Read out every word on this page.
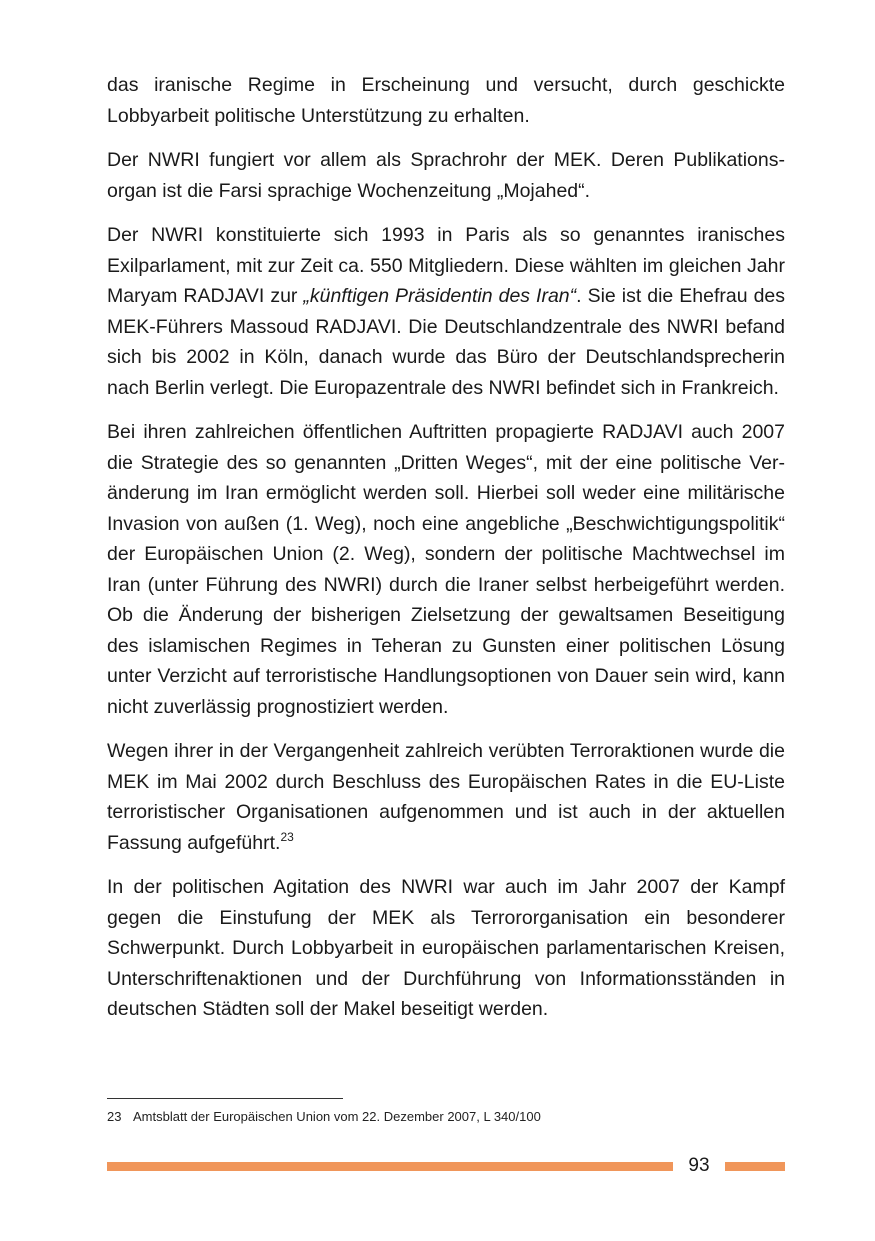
das iranische Regime in Erscheinung und versucht, durch geschickte Lobbyarbeit politische Unterstützung zu erhalten.

Der NWRI fungiert vor allem als Sprachrohr der MEK. Deren Publikationsorgan ist die Farsi sprachige Wochenzeitung „Mojahed“.

Der NWRI konstituierte sich 1993 in Paris als so genanntes iranisches Exilparlament, mit zur Zeit ca. 550 Mitgliedern. Diese wählten im gleichen Jahr Maryam RADJAVI zur „künftigen Präsidentin des Iran“. Sie ist die Ehefrau des MEK-Führers Massoud RADJAVI. Die Deutschlandzentrale des NWRI befand sich bis 2002 in Köln, danach wurde das Büro der Deutschlandsprecherin nach Berlin verlegt. Die Europazentrale des NWRI befindet sich in Frankreich.

Bei ihren zahlreichen öffentlichen Auftritten propagierte RADJAVI auch 2007 die Strategie des so genannten „Dritten Weges“, mit der eine politische Veränderung im Iran ermöglicht werden soll. Hierbei soll weder eine militärische Invasion von außen (1. Weg), noch eine angebliche „Beschwichtigungspolitik“ der Europäischen Union (2. Weg), sondern der politische Machtwechsel im Iran (unter Führung des NWRI) durch die Iraner selbst herbeigeführt werden. Ob die Änderung der bisherigen Zielsetzung der gewaltsamen Beseitigung des islamischen Regimes in Teheran zu Gunsten einer politischen Lösung unter Verzicht auf terroristische Handlungsoptionen von Dauer sein wird, kann nicht zuverlässig prognostiziert werden.

Wegen ihrer in der Vergangenheit zahlreich verübten Terroraktionen wurde die MEK im Mai 2002 durch Beschluss des Europäischen Rates in die EU-Liste terroristischer Organisationen aufgenommen und ist auch in der aktuellen Fassung aufgeführt.$^{23}$

In der politischen Agitation des NWRI war auch im Jahr 2007 der Kampf gegen die Einstufung der MEK als Terrororganisation ein besonderer Schwerpunkt. Durch Lobbyarbeit in europäischen parlamentarischen Kreisen, Unterschriftenaktionen und der Durchführung von Informationsständen in deutschen Städten soll der Makel beseitigt werden.

23 Amtsblatt der Europäischen Union vom 22. Dezember 2007, L 340/100
93
